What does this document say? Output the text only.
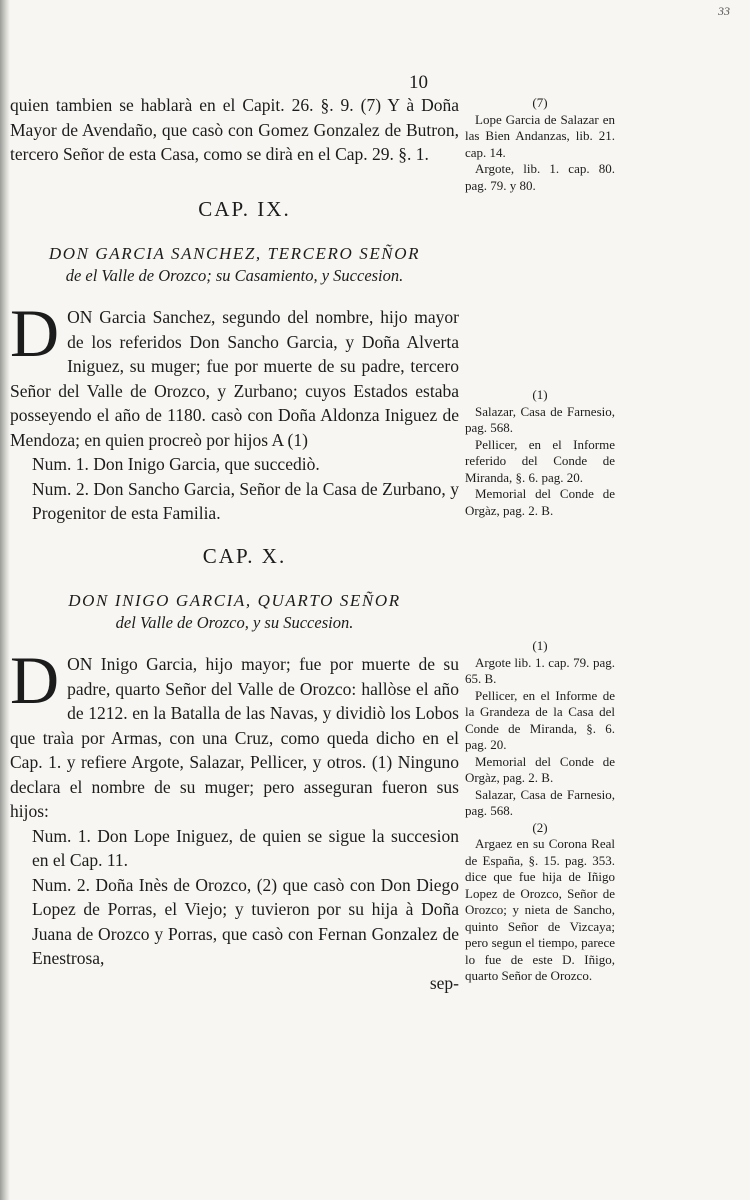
33
10

quien tambien se hablarà en el Capit. 26. §. 9. (7) Y à Doña Mayor de Avendaño, que casò con Gomez Gonzalez de Butron, tercero Señor de esta Casa, como se dirà en el Cap. 29. §. 1.

CAP. IX.
DON GARCIA SANCHEZ, TERCERO SEÑOR
de el Valle de Orozco; su Casamiento, y Succesion.

DON Garcia Sanchez, segundo del nombre, hijo mayor de los referidos Don Sancho Garcia, y Doña Alverta Iniguez, su muger; fue por muerte de su padre, tercero Señor del Valle de Orozco, y Zurbano; cuyos Estados estaba posseyendo el año de 1180. casò con Doña Aldonza Iniguez de Mendoza; en quien procreò por hijos A (1)

Num. 1. Don Inigo Garcia, que succediò.

Num. 2. Don Sancho Garcia, Señor de la Casa de Zurbano, y Progenitor de esta Familia.

CAP. X.
DON INIGO GARCIA, QUARTO SEÑOR
del Valle de Orozco, y su Succesion.

DON Inigo Garcia, hijo mayor; fue por muerte de su padre, quarto Señor del Valle de Orozco: hallòse el año de 1212. en la Batalla de las Navas, y dividiò los Lobos que traìa por Armas, con una Cruz, como queda dicho en el Cap. 1. y refiere Argote, Salazar, Pellicer, y otros. (1) Ninguno declara el nombre de su muger; pero asseguran fueron sus hijos:

Num. 1. Don Lope Iniguez, de quien se sigue la succesion en el Cap. 11.

Num. 2. Doña Inès de Orozco, (2) que casò con Don Diego Lopez de Porras, el Viejo; y tuvieron por su hija à Doña Juana de Orozco y Porras, que casò con Fernan Gonzalez de Enestrosa,

sep-

(7)

Lope Garcia de Salazar en las Bien Andanzas, lib. 21. cap. 14.

Argote, lib. 1. cap. 80. pag. 79. y 80.

(1)

Salazar, Casa de Farnesio, pag. 568.

Pellicer, en el Informe referido del Conde de Miranda, §. 6. pag. 20.

Memorial del Conde de Orgàz, pag. 2. B.

(1)

Argote lib. 1. cap. 79. pag. 65. B.

Pellicer, en el Informe de la Grandeza de la Casa del Conde de Miranda, §. 6. pag. 20.

Memorial del Conde de Orgàz, pag. 2. B.

Salazar, Casa de Farnesio, pag. 568.

(2)

Argaez en su Corona Real de España, §. 15. pag. 353. dice que fue hija de Iñigo Lopez de Orozco, Señor de Orozco; y nieta de Sancho, quinto Señor de Vizcaya; pero segun el tiempo, parece lo fue de este D. Iñigo, quarto Señor de Orozco.
